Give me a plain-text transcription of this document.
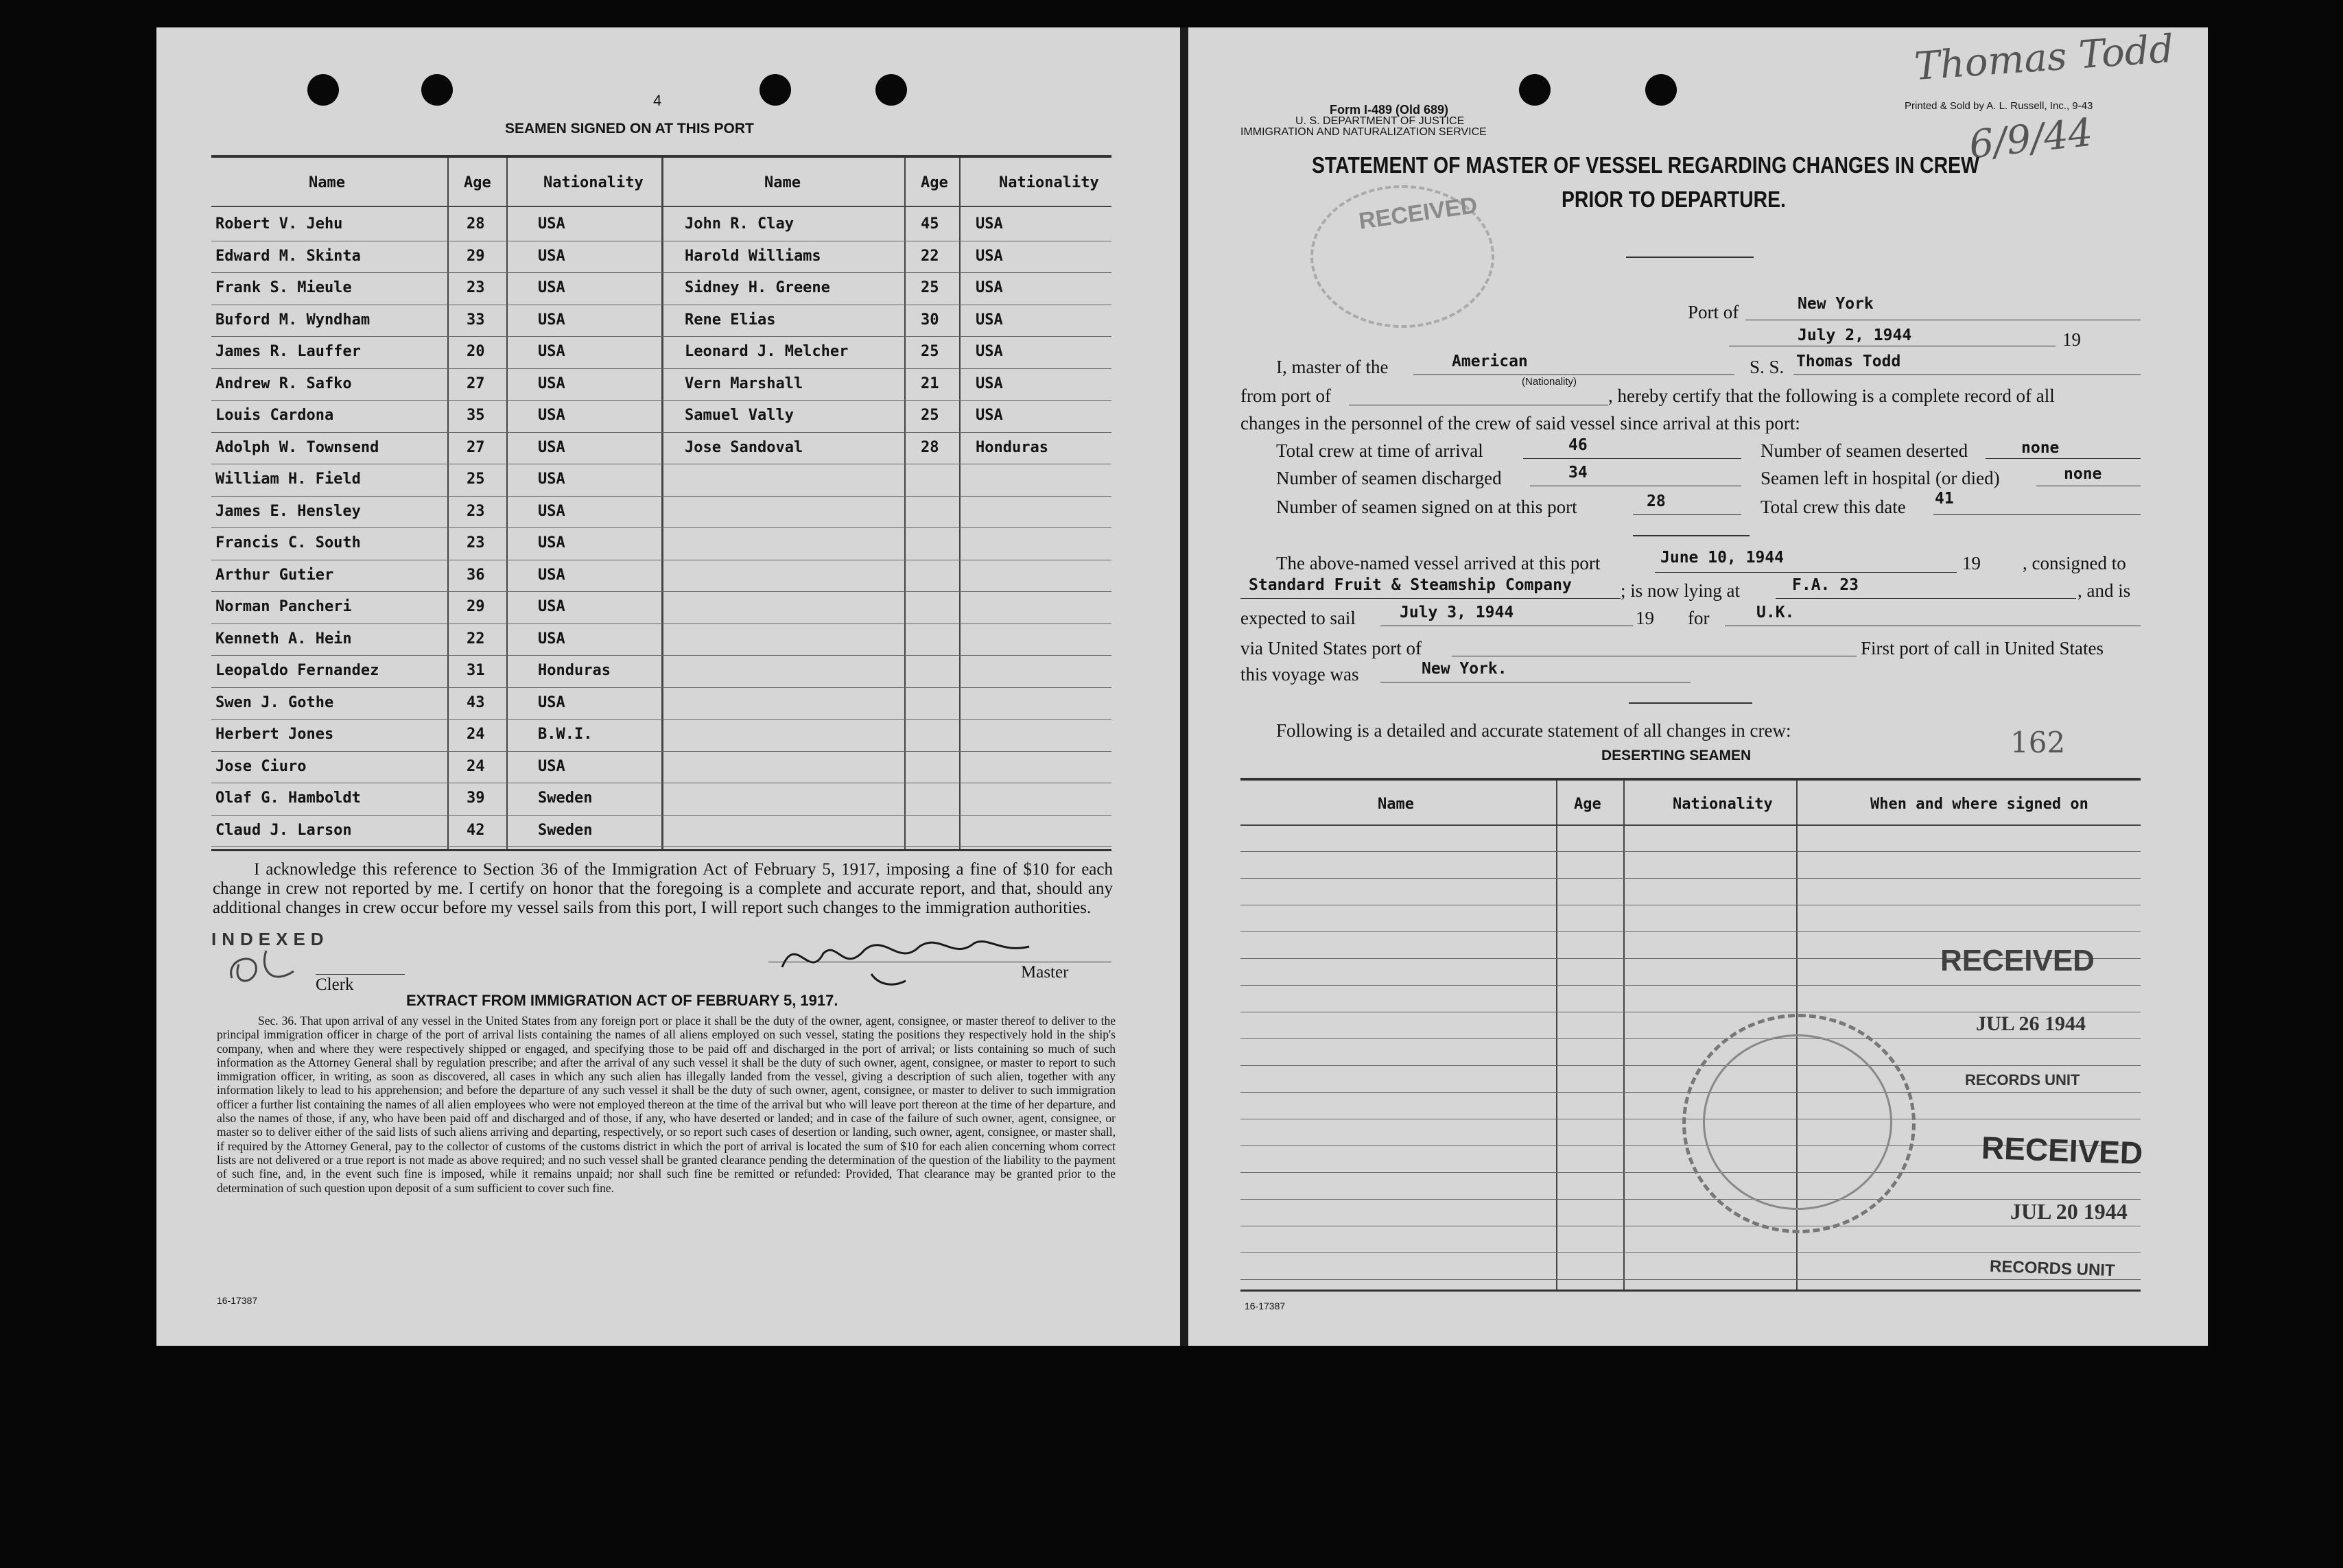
4
SEAMEN SIGNED ON AT THIS PORT
Name	Age	Nationality	Name	Age	Nationality
Robert V. Jehu	28	USA	John R. Clay	45 USA
Edward M. Skinta	29	USA	Harold Williams	22 USA
Frank S. Mieule	23	USA	Sidney H. Greene	25 USA
Buford M. Wyndham	33	USA	Rene Elias	30 USA
James R. Lauffer	20	USA	Leonard J. Melcher	25 USA
Andrew R. Safko	27	USA	Vern Marshall	21 USA
Louis Cardona	35	USA	Samuel Vally	25 USA
Adolph W. Townsend	27	USA	Jose Sandoval	28 Honduras
William H. Field	25	USA
James E. Hensley	23	USA
Francis C. South	23	USA
Arthur Gutier	36	USA
Norman Pancheri	29	USA
Kenneth A. Hein	22	USA
Leopaldo Fernandez	31	Honduras
Swen J. Gothe	43	USA
Herbert Jones	24	B.W.I.
Jose Ciuro	24	USA
Olaf G. Hamboldt	39	Sweden
Claud J. Larson	42	Sweden
I acknowledge this reference to Section 36 of the Immigration Act of February 5, 1917, imposing a fine of $10 for each change in crew not reported by me. I certify on honor that the foregoing is a complete and accurate report, and that, should any additional changes in crew occur before my vessel sails from this port, I will report such changes to the immigration authorities.
INDEXED
Clerk
Master
EXTRACT FROM IMMIGRATION ACT OF FEBRUARY 5, 1917.
Sec. 36. That upon arrival of any vessel in the United States from any foreign port or place it shall be the duty of the owner, agent, consignee, or master thereof to deliver to the principal immigration officer in charge of the port of arrival lists containing the names of all aliens employed on such vessel, stating the positions they respectively hold in the ship's company, when and where they were respectively shipped or engaged, and specifying those to be paid off and discharged in the port of arrival; or lists containing so much of such information as the Attorney General shall by regulation prescribe; and after the arrival of any such vessel it shall be the duty of such owner, agent, consignee, or master to report to such immigration officer, in writing, as soon as discovered, all cases in which any such alien has illegally landed from the vessel, giving a description of such alien, together with any information likely to lead to his apprehension; and before the departure of any such vessel it shall be the duty of such owner, agent, consignee, or master to deliver to such immigration officer a further list containing the names of all alien employees who were not employed thereon at the time of the arrival but who will leave port thereon at the time of her departure, and also the names of those, if any, who have been paid off and discharged and of those, if any, who have deserted or landed; and in case of the failure of such owner, agent, consignee, or master so to deliver either of the said lists of such aliens arriving and departing, respectively, or so report such cases of desertion or landing, such owner, agent, consignee, or master shall, if required by the Attorney General, pay to the collector of customs of the customs district in which the port of arrival is located the sum of $10 for each alien concerning whom correct lists are not delivered or a true report is not made as above required; and no such vessel shall be granted clearance pending the determination of the question of the liability to the payment of such fine, and, in the event such fine is imposed, while it remains unpaid; nor shall such fine be remitted or refunded: Provided, That clearance may be granted prior to the determination of such question upon deposit of a sum sufficient to cover such fine.
16-17387
Form I-489 (Old 689)
U. S. DEPARTMENT OF JUSTICE
IMMIGRATION AND NATURALIZATION SERVICE
Printed & Sold by A. L. Russell, Inc., 9-43
Thomas Todd
6/9/44
STATEMENT OF MASTER OF VESSEL REGARDING CHANGES IN CREW
PRIOR TO DEPARTURE.
RECEIVED
Port of	New York
July 2, 1944	19
I, master of the	American
(Nationality)
S. S. Thomas Todd
from port of	, hereby certify that the following is a complete record of all
changes in the personnel of the crew of said vessel since arrival at this port:
Total crew at time of arrival	46	Number of seamen deserted	none
Number of seamen discharged	34	Seamen left in hospital (or died)	none
Number of seamen signed on at this port	28	Total crew this date 41
The above-named vessel arrived at this port	June 10, 1944	19 , consigned to
Standard Fruit & Steamship Company	; is now lying at	F.A. 23	, and is
expected to sail	July 3, 1944	19 for	U.K.
via United States port of	First port of call in United States
this voyage was	New York.
Following is a detailed and accurate statement of all changes in crew:	162
DESERTING SEAMEN
Name	Age	Nationality	When and where signed on
RECEIVED
JUL 26 1944
RECORDS UNIT
RECEIVED
JUL 20 1944
RECORDS UNIT
16-17387
